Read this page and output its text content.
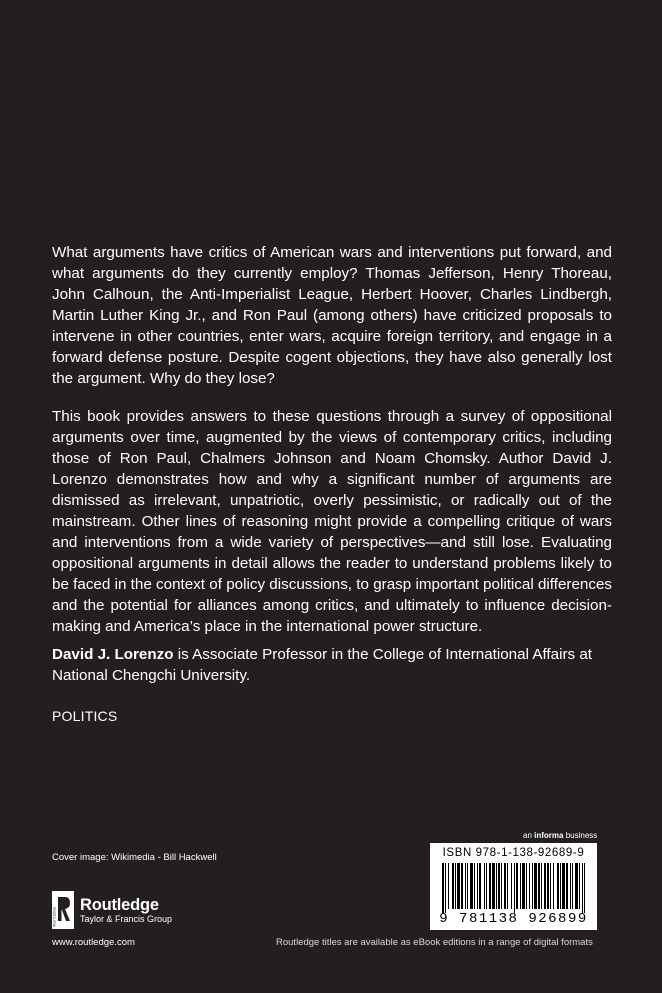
What arguments have critics of American wars and interventions put forward, and what arguments do they currently employ? Thomas Jefferson, Henry Thoreau, John Calhoun, the Anti-Imperialist League, Herbert Hoover, Charles Lindbergh, Martin Luther King Jr., and Ron Paul (among others) have criticized proposals to intervene in other countries, enter wars, acquire foreign territory, and engage in a forward defense posture. Despite cogent objections, they have also generally lost the argument. Why do they lose?

This book provides answers to these questions through a survey of oppositional arguments over time, augmented by the views of contemporary critics, including those of Ron Paul, Chalmers Johnson and Noam Chomsky. Author David J. Lorenzo demonstrates how and why a significant number of arguments are dismissed as irrelevant, unpatriotic, overly pessimistic, or radically out of the mainstream. Other lines of reasoning might provide a compelling critique of wars and interventions from a wide variety of perspectives—and still lose. Evaluating oppositional arguments in detail allows the reader to understand problems likely to be faced in the context of policy discussions, to grasp important political differences and the potential for alliances among critics, and ultimately to influence decision-making and America’s place in the international power structure.

David J. Lorenzo is Associate Professor in the College of International Affairs at National Chengchi University.
POLITICS
Cover image: Wikimedia - Bill Hackwell
ROUTLEDGE
Routledge
Taylor & Francis Group
www.routledge.com
an informa business
ISBN 978-1-138-92689-9
9 781138 926899
Routledge titles are available as eBook editions in a range of digital formats
